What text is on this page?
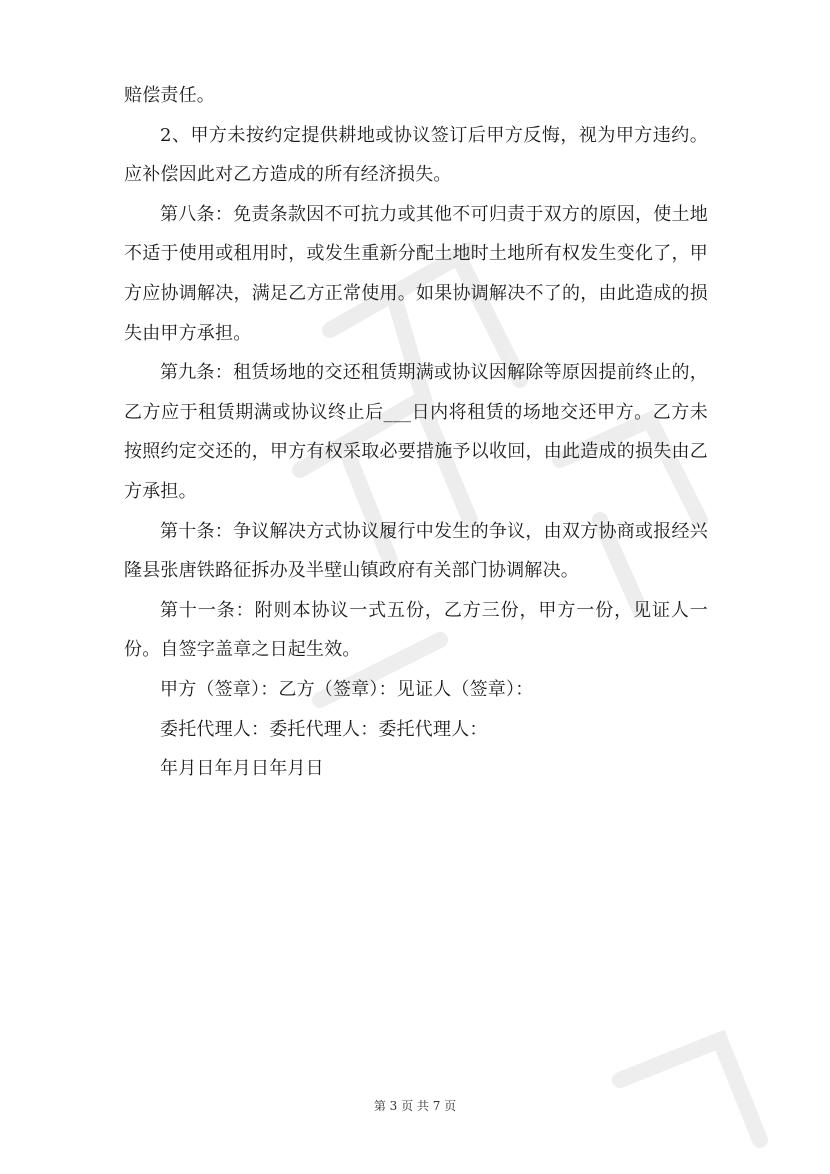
赔偿责任。

2、甲方未按约定提供耕地或协议签订后甲方反悔，视为甲方违约。应补偿因此对乙方造成的所有经济损失。

第八条：免责条款因不可抗力或其他不可归责于双方的原因，使土地不适于使用或租用时，或发生重新分配土地时土地所有权发生变化了，甲方应协调解决，满足乙方正常使用。如果协调解决不了的，由此造成的损失由甲方承担。

第九条：租赁场地的交还租赁期满或协议因解除等原因提前终止的，乙方应于租赁期满或协议终止后___日内将租赁的场地交还甲方。乙方未按照约定交还的，甲方有权采取必要措施予以收回，由此造成的损失由乙方承担。

第十条：争议解决方式协议履行中发生的争议，由双方协商或报经兴隆县张唐铁路征拆办及半壁山镇政府有关部门协调解决。

第十一条：附则本协议一式五份，乙方三份，甲方一份，见证人一份。自签字盖章之日起生效。

甲方（签章）：乙方（签章）：见证人（签章）：

委托代理人：委托代理人：委托代理人：

年月日年月日年月日

第 3 页 共 7 页
